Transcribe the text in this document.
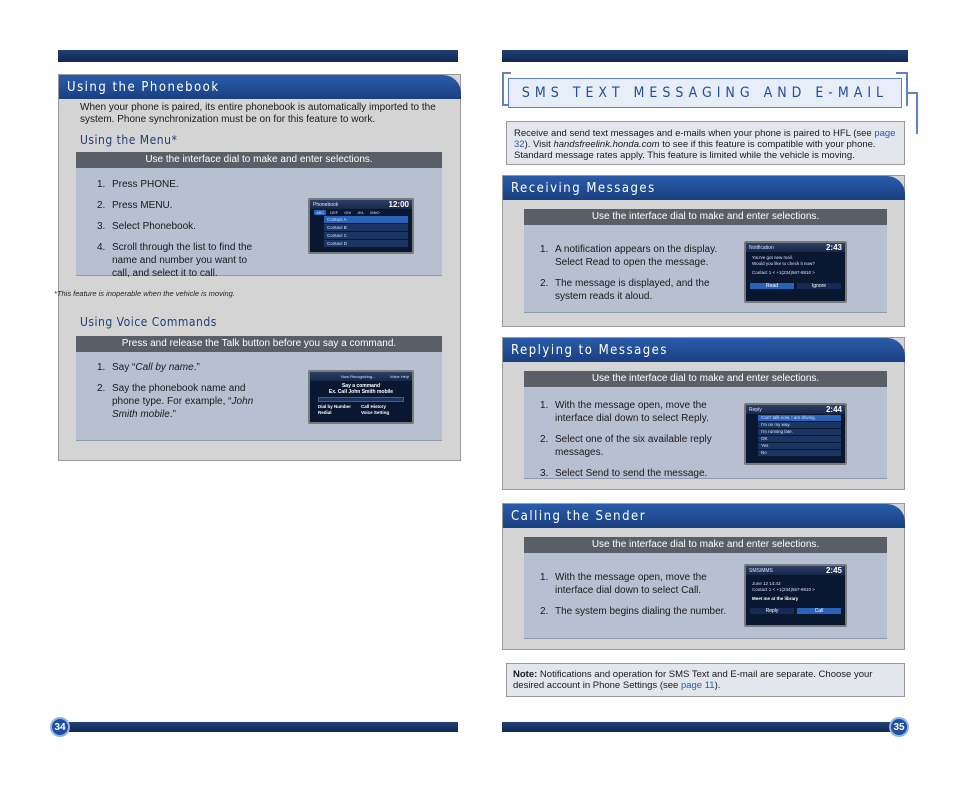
Using the Phonebook
When your phone is paired, its entire phonebook is automatically imported to the system. Phone synchronization must be on for this feature to work.
Using the Menu*
Use the interface dial to make and enter selections.
1. Press PHONE.
2. Press MENU.
3. Select Phonebook.
4. Scroll through the list to find the name and number you want to call, and select it to call.
Phonebook	12:00
ABC	DEF	GHI	JKL	MNO
Contact A
Contact B
Contact C
Contact D
*This feature is inoperable when the vehicle is moving.
Using Voice Commands
Press and release the Talk button before you say a command.
1. Say “Call by name.”
2. Say the phonebook name and phone type. For example, “John Smith mobile.”
Now Recognizing...	Voice Help
Say a command
Ex. Call John Smith mobile
Dial by Number	Call History
Redial	Voice Setting
34
SMS TEXT MESSAGING AND E-MAIL
Receive and send text messages and e-mails when your phone is paired to HFL (see page 32). Visit handsfreelink.honda.com to see if this feature is compatible with your phone. Standard message rates apply. This feature is limited while the vehicle is moving.
Receiving Messages
Use the interface dial to make and enter selections.
1. A notification appears on the display. Select Read to open the message.
2. The message is displayed, and the system reads it aloud.
Notification	2:43
You've got new mail.
Would you like to check it now?
Contact 1 < +1(234)567-8910 >
Read	Ignore
Replying to Messages
Use the interface dial to make and enter selections.
1. With the message open, move the interface dial down to select Reply.
2. Select one of the six available reply messages.
3. Select Send to send the message.
Reply	2:44
Can't talk now, I am driving.
I'm on my way.
I'm running late.
OK
Yes
No
Calling the Sender
Use the interface dial to make and enter selections.
1. With the message open, move the interface dial down to select Call.
2. The system begins dialing the number.
SMS/MMS	2:45
June 12 14:43
Contact 1 < +1(234)567-8910 >
Meet me at the library
Reply	Call
Note: Notifications and operation for SMS Text and E-mail are separate. Choose your desired account in Phone Settings (see page 11).
35
